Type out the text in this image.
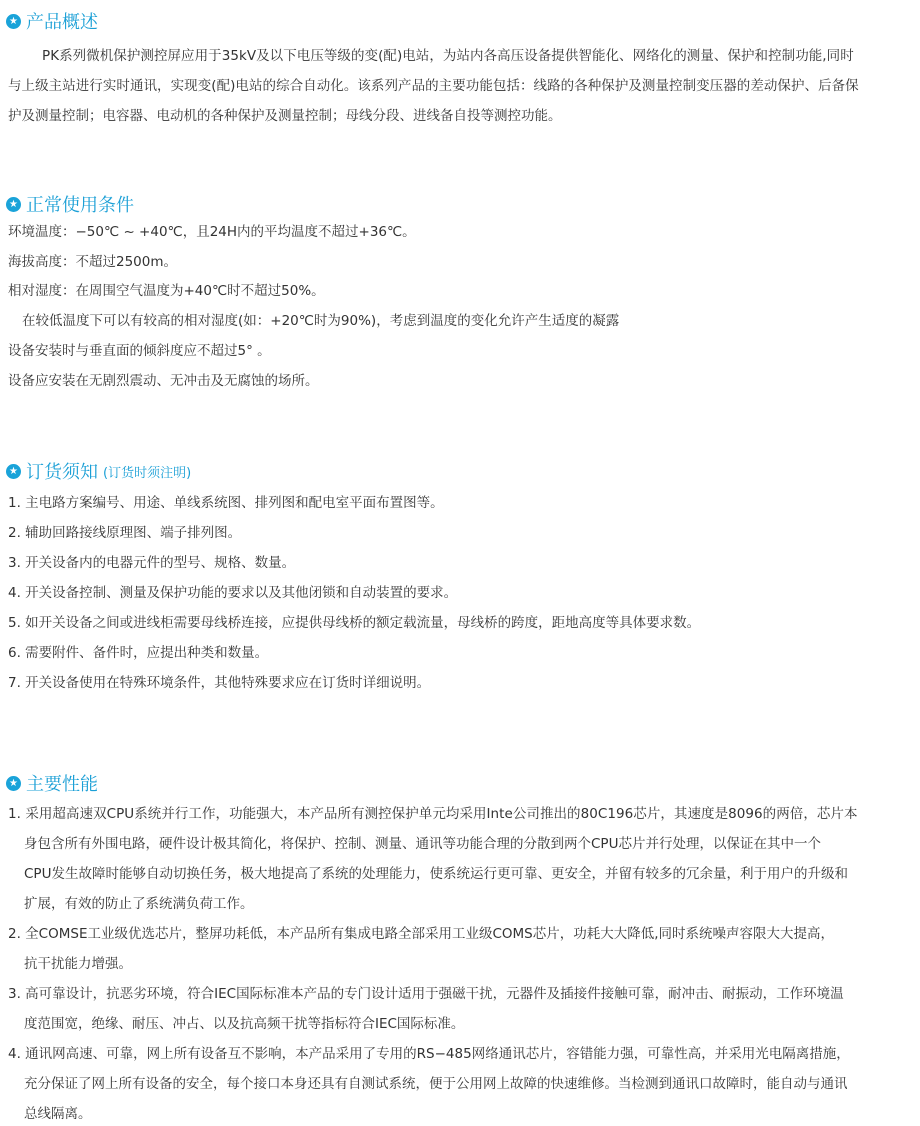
★
产品概述
PK系列微机保护测控屏应用于35kV及以下电压等级的变(配)电站，为站内各高压设备提供智能化、网络化的测量、保护和控制功能,同时
与上级主站进行实时通讯，实现变(配)电站的综合自动化。该系列产品的主要功能包括：线路的各种保护及测量控制变压器的差动保护、后备保
护及测量控制；电容器、电动机的各种保护及测量控制；母线分段、进线备自投等测控功能。
★
正常使用条件
环境温度：−50℃ ~ +40℃，且24H内的平均温度不超过+36℃。
海拔高度：不超过2500m。
相对湿度：在周围空气温度为+40℃时不超过50%。
在较低温度下可以有较高的相对湿度(如：+20℃时为90%)，考虑到温度的变化允许产生适度的凝露
设备安装时与垂直面的倾斜度应不超过5° 。
设备应安装在无剧烈震动、无冲击及无腐蚀的场所。
★
订货须知 (订货时须注明)
1. 主电路方案编号、用途、单线系统图、排列图和配电室平面布置图等。
2. 辅助回路接线原理图、端子排列图。
3. 开关设备内的电器元件的型号、规格、数量。
4. 开关设备控制、测量及保护功能的要求以及其他闭锁和自动装置的要求。
5. 如开关设备之间或进线柜需要母线桥连接，应提供母线桥的额定载流量，母线桥的跨度，距地高度等具体要求数。
6. 需要附件、备件时，应提出种类和数量。
7. 开关设备使用在特殊环境条件，其他特殊要求应在订货时详细说明。
★
主要性能
1. 采用超高速双CPU系统并行工作，功能强大，本产品所有测控保护单元均采用Inte公司推出的80C196芯片，其速度是8096的两倍，芯片本
身包含所有外围电路，硬件设计极其简化，将保护、控制、测量、通讯等功能合理的分散到两个CPU芯片并行处理，以保证在其中一个
CPU发生故障时能够自动切换任务，极大地提高了系统的处理能力，使系统运行更可靠、更安全，并留有较多的冗余量，利于用户的升级和
扩展，有效的防止了系统满负荷工作。
2. 全COMSE工业级优选芯片，整屏功耗低，本产品所有集成电路全部采用工业级COMS芯片，功耗大大降低,同时系统噪声容限大大提高，
抗干扰能力增强。
3. 高可靠设计，抗恶劣环境，符合IEC国际标准本产品的专门设计适用于强磁干扰，元器件及插接件接触可靠，耐冲击、耐振动，工作环境温
度范围宽，绝缘、耐压、冲占、以及抗高频干扰等指标符合IEC国际标准。
4. 通讯网高速、可靠，网上所有设备互不影响，本产品采用了专用的RS−485网络通讯芯片，容错能力强，可靠性高，并采用光电隔离措施，
充分保证了网上所有设备的安全，每个接口本身还具有自测试系统，便于公用网上故障的快速维修。当检测到通讯口故障时，能自动与通讯
总线隔离。
